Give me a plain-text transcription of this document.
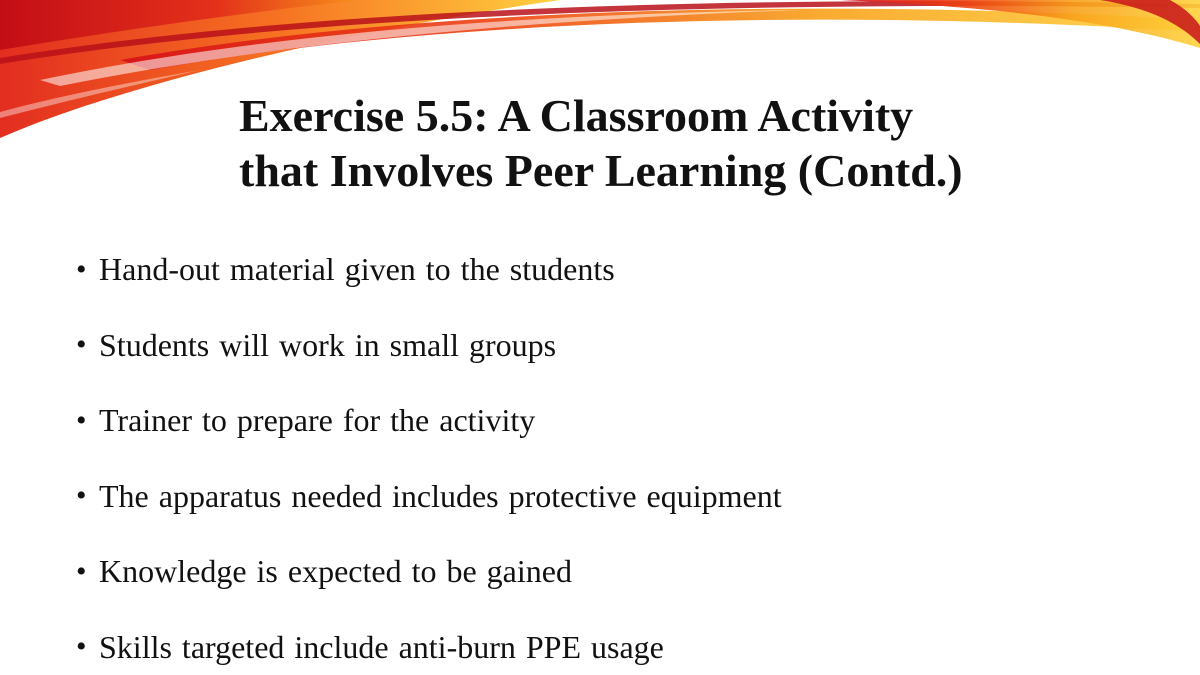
Exercise 5.5: A Classroom Activity
that Involves Peer Learning (Contd.)
• Hand-out material given to the students
• Students will work in small groups
• Trainer to prepare for the activity
• The apparatus needed includes protective equipment
• Knowledge is expected to be gained
• Skills targeted include anti-burn PPE usage
